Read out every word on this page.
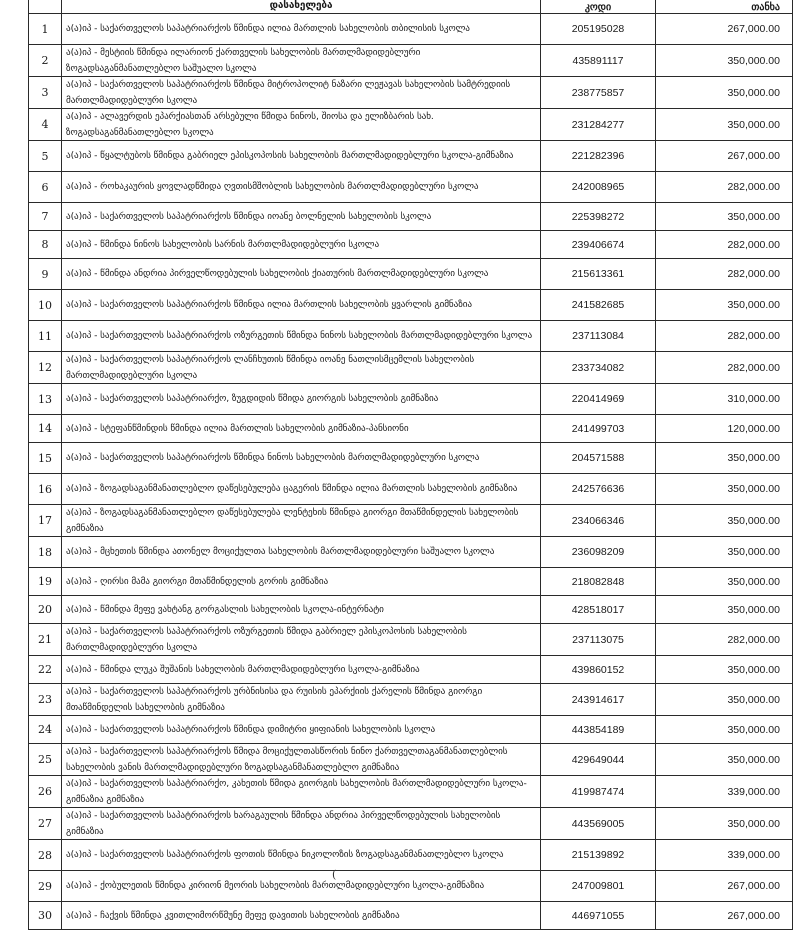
	დასახელება	კოდი	თანხა
1	ა(ა)იპ - საქართველოს საპატრიარქოს წმინდა ილია მართლის სახელობის თბილისის სკოლა	205195028	267,000.00
2	ა(ა)იპ - მესტიის წმინდა ილარიონ ქართველის სახელობის მართლმადიდებლური ზოგადსაგანმანათლებლო საშუალო სკოლა	435891117	350,000.00
3	ა(ა)იპ - საქართველოს საპატრიარქოს წმინდა მიტროპოლიტ ნაზარი ლეჟავას სახელობის სამტრედიის მართლმადიდებლური სკოლა	238775857	350,000.00
4	ა(ა)იპ - ალავერდის ეპარქიასთან არსებული წმიდა ნინოს, შიოსა და ელიზბარის სახ. ზოგადსაგანმანათლებლო სკოლა	231284277	350,000.00
5	ა(ა)იპ - წყალტუბოს წმინდა გაბრიელ ეპისკოპოსის სახელობის მართლმადიდებლური სკოლა-გიმნაზია	221282396	267,000.00
6	ა(ა)იპ - როხაკაურის ყოვლადწმიდა ღვთისმშობლის სახელობის მართლმადიდებლური სკოლა	242008965	282,000.00
7	ა(ა)იპ - საქართველოს საპატრიარქოს წმინდა იოანე ბოლნელის სახელობის სკოლა	225398272	350,000.00
8	ა(ა)იპ - წმინდა ნინოს სახელობის სარნის მართლმადიდებლური სკოლა	239406674	282,000.00
9	ა(ა)იპ - წმინდა ანდრია პირველწოდებულის სახელობის ქიათურის მართლმადიდებლური სკოლა	215613361	282,000.00
10	ა(ა)იპ - საქართველოს საპატრიარქოს წმინდა ილია მართლის სახელობის ყვარლის გიმნაზია	241582685	350,000.00
11	ა(ა)იპ - საქართველოს საპატრიარქოს ოზურგეთის წმინდა ნინოს სახელობის მართლმადიდებლური სკოლა	237113084	282,000.00
12	ა(ა)იპ - საქართველოს საპატრიარქოს ლანჩხუთის წმინდა იოანე ნათლისმცემლის სახელობის მართლმადიდებლური სკოლა	233734082	282,000.00
13	ა(ა)იპ - საქართველოს საპატრიარქო, ზუგდიდის წმიდა გიორგის სახელობის გიმნაზია	220414969	310,000.00
14	ა(ა)იპ - სტეფანწმინდის წმინდა ილია მართლის სახელობის გიმნაზია-პანსიონი	241499703	120,000.00
15	ა(ა)იპ - საქართველოს საპატრიარქოს წმინდა ნინოს სახელობის მართლმადიდებლური სკოლა	204571588	350,000.00
16	ა(ა)იპ - ზოგადსაგანმანათლებლო დაწესებულება ცაგერის წმინდა ილია მართლის სახელობის გიმნაზია	242576636	350,000.00
17	ა(ა)იპ - ზოგადსაგანმანათლებლო დაწესებულება ლენტეხის წმინდა გიორგი მთაწმინდელის სახელობის გიმნაზია	234066346	350,000.00
18	ა(ა)იპ - მცხეთის წმინდა ათონელ მოციქულთა სახელობის მართლმადიდებლური საშუალო სკოლა	236098209	350,000.00
19	ა(ა)იპ - ღირსი მამა გიორგი მთაწმინდელის გორის გიმნაზია	218082848	350,000.00
20	ა(ა)იპ - წმინდა მეფე ვახტანგ გორგასლის სახელობის სკოლა-ინტერნატი	428518017	350,000.00
21	ა(ა)იპ - საქართველოს საპატრიარქოს ოზურგეთის წმიდა გაბრიელ ეპისკოპოსის სახელობის მართლმადიდებლური სკოლა	237113075	282,000.00
22	ა(ა)იპ - წმინდა ლუკა შუშანის სახელობის მართლმადიდებლური სკოლა-გიმნაზია	439860152	350,000.00
23	ა(ა)იპ - საქართველოს საპატრიარქოს ურბნისისა და რუისის ეპარქიის ქარელის წმინდა გიორგი მთაწმინდელის სახელობის გიმნაზია	243914617	350,000.00
24	ა(ა)იპ - საქართველოს საპატრიარქოს წმინდა დიმიტრი ყიფიანის სახელობის სკოლა	443854189	350,000.00
25	ა(ა)იპ - საქართველოს საპატრიარქოს წმიდა მოციქულთასწორის ნინო ქართველთაგანმანათლებლის სახელობის ვანის მართლმადიდებლური ზოგადსაგანმანათლებლო გიმნაზია	429649044	350,000.00
26	ა(ა)იპ - საქართველოს საპატრიარქო, კახეთის წმიდა გიორგის სახელობის მართლმადიდებლური სკოლა-გიმნაზია გიმნაზია	419987474	339,000.00
27	ა(ა)იპ - საქართველოს საპატრიარქოს ხარაგაულის წმინდა ანდრია პირველწოდებულის სახელობის გიმნაზია	443569005	350,000.00
28	ა(ა)იპ - საქართველოს საპატრიარქოს ფოთის წმინდა ნიკოლოზის ზოგადსაგანმანათლებლო სკოლა	215139892	339,000.00
29	ა(ა)იპ - ქობულეთის წმინდა კირიონ მეორის სახელობის მართლმადიდებლური სკოლა-გიმნაზია	247009801	267,000.00
30	ა(ა)იპ - ჩაქვის წმინდა კვითლიმორწმუნე მეფე დავითის სახელობის გიმნაზია	446971055	267,000.00
(
